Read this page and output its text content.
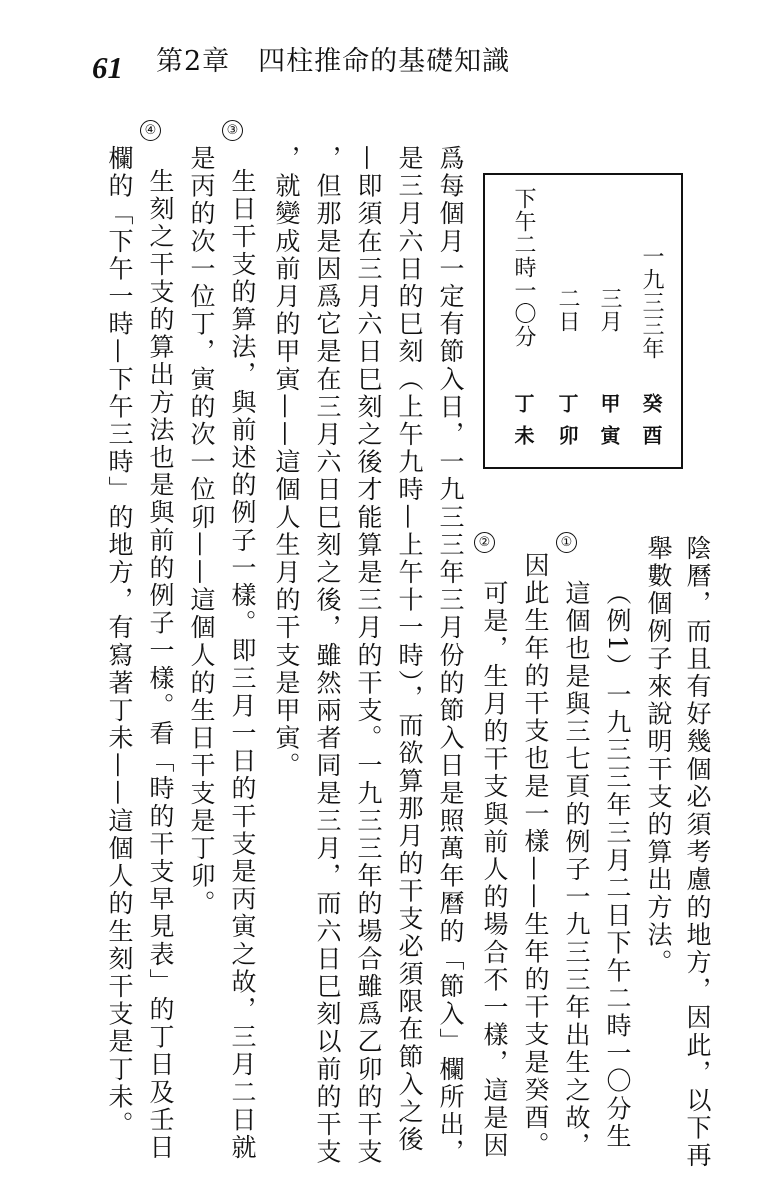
61 第2章　四柱推命的基礎知識
陰曆，而且有好幾個必須考慮的地方，因此，以下再
舉數個例子來說明干支的算出方法。
（例1）一九三三年三月二日下午二時一〇分生
①
這個也是與三七頁的例子一九三三年出生之故，
因此生年的干支也是一樣——生年的干支是癸酉。
②
可是，生月的干支與前人的場合不一樣，這是因
一九三三年
三月
二日
下午二時一〇分
癸酉
甲寅
丁卯
丁未
爲每個月一定有節入日，一九三三年三月份的節入日是照萬年曆的「節入」欄所出，
是三月六日的巳刻（上午九時—上午十一時），而欲算那月的干支必須限在節入之後
—即須在三月六日巳刻之後才能算是三月的干支。一九三三年的場合雖爲乙卯的干支
，但那是因爲它是在三月六日巳刻之後，雖然兩者同是三月，而六日巳刻以前的干支
，就變成前月的甲寅——這個人生月的干支是甲寅。
③
生日干支的算法，與前述的例子一樣。即三月一日的干支是丙寅之故，三月二日就
是丙的次一位丁，寅的次一位卯——這個人的生日干支是丁卯。
④
生刻之干支的算出方法也是與前的例子一樣。看「時的干支早見表」的丁日及壬日
欄的「下午一時—下午三時」的地方，有寫著丁未——這個人的生刻干支是丁未。
